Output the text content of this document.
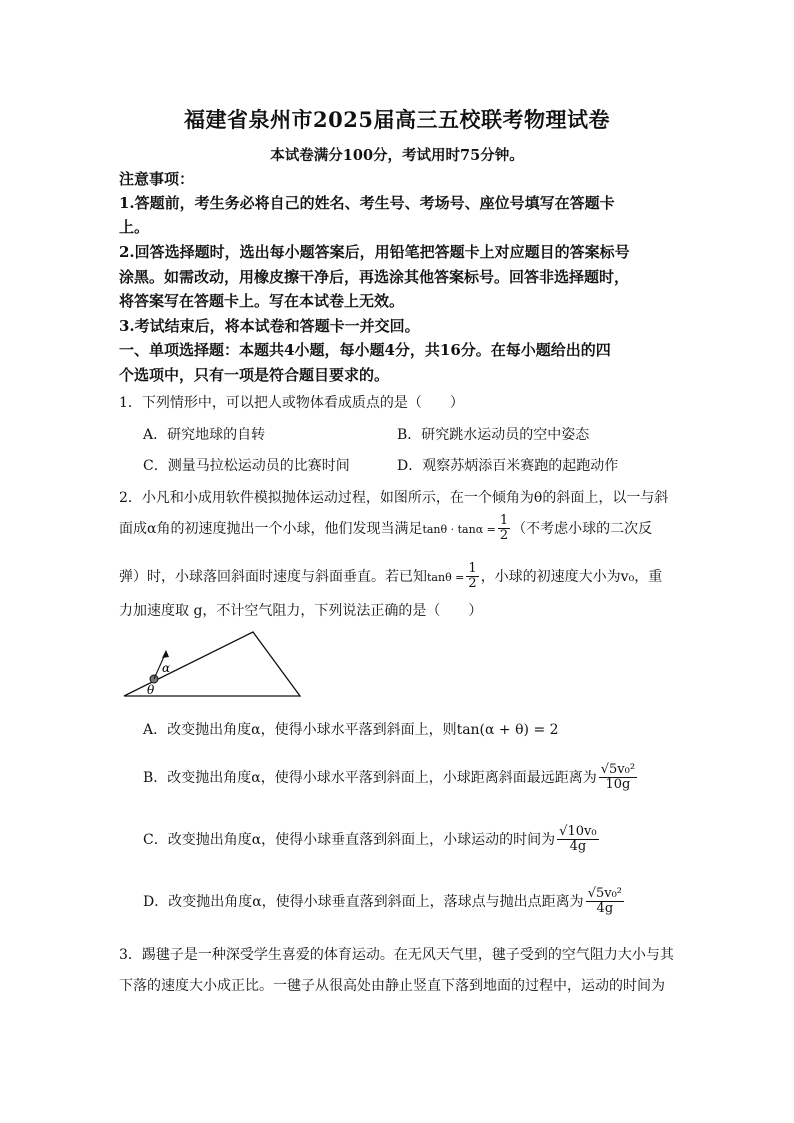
福建省泉州市2025届高三五校联考物理试卷
本试卷满分100分，考试用时75分钟。
注意事项：
1.答题前，考生务必将自己的姓名、考生号、考场号、座位号填写在答题卡
上。
2.回答选择题时，选出每小题答案后，用铅笔把答题卡上对应题目的答案标号
涂黑。如需改动，用橡皮擦干净后，再选涂其他答案标号。回答非选择题时，
将答案写在答题卡上。写在本试卷上无效。
3.考试结束后，将本试卷和答题卡一并交回。
一、单项选择题：本题共4小题，每小题4分，共16分。在每小题给出的四
个选项中，只有一项是符合题目要求的。
1．下列情形中，可以把人或物体看成质点的是（　　）
A．研究地球的自转	B．研究跳水运动员的空中姿态
C．测量马拉松运动员的比赛时间	D．观察苏炳添百米赛跑的起跑动作
2．小凡和小成用软件模拟抛体运动过程，如图所示，在一个倾角为θ的斜面上，以一与斜
面成α角的初速度抛出一个小球，他们发现当满足$\tan\theta \cdot \tan\alpha = \frac{1}{2}$ （不考虑小球的二次反
弹）时，小球落回斜面时速度与斜面垂直。若已知$\tan\theta = \frac{1}{2}$ ，小球的初速度大小为v₀，重
力加速度取 g，不计空气阻力，下列说法正确的是（　　）
α
θ
A．改变抛出角度α，使得小球水平落到斜面上，则tan(α + θ) = 2
B．改变抛出角度α，使得小球水平落到斜面上，小球距离斜面最远距离为 $\frac{\text{√5v₀²}}{10g}$
C．改变抛出角度α，使得小球垂直落到斜面上，小球运动的时间为 $\frac{\text{√10v₀}}{4g}$
D．改变抛出角度α，使得小球垂直落到斜面上，落球点与抛出点距离为 $\frac{\text{√5v₀²}}{4g}$
3．踢毽子是一种深受学生喜爱的体育运动。在无风天气里，毽子受到的空气阻力大小与其
下落的速度大小成正比。一毽子从很高处由静止竖直下落到地面的过程中，运动的时间为
